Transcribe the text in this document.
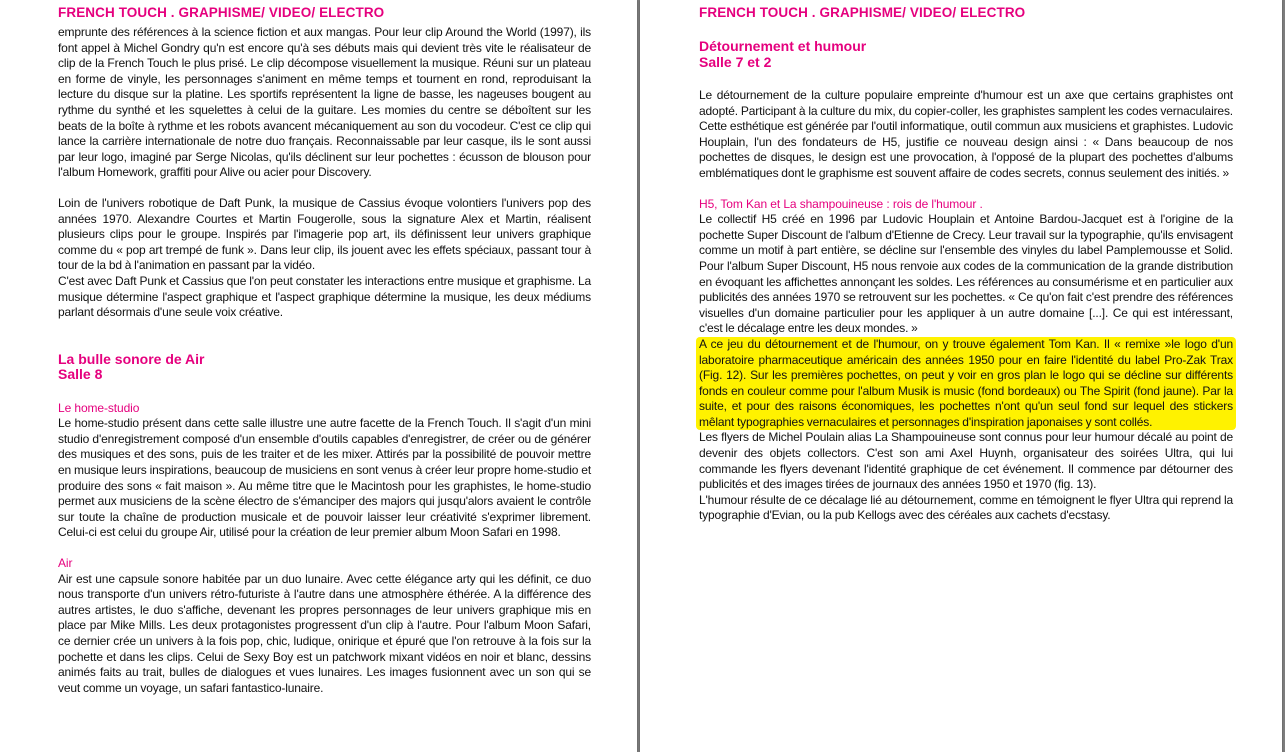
FRENCH TOUCH . GRAPHISME/ VIDEO/ ELECTRO
emprunte des références à la science fiction et aux mangas. Pour leur clip Around the World (1997), ils font appel à Michel Gondry qu'n est encore qu'à ses débuts mais qui devient très vite le réalisateur de clip de la French Touch le plus prisé. Le clip décompose visuellement la musique. Réuni sur un plateau en forme de vinyle, les personnages s'animent en même temps et tournent en rond, reproduisant la lecture du disque sur la platine. Les sportifs représentent la ligne de basse, les nageuses bougent au rythme du synthé et les squelettes à celui de la guitare. Les momies du centre se déboîtent sur les beats de la boîte à rythme et les robots avancent mécaniquement au son du vocodeur. C'est ce clip qui lance la carrière internationale de notre duo français. Reconnaissable par leur casque, ils le sont aussi par leur logo, imaginé par Serge Nicolas, qu'ils déclinent sur leur pochettes : écusson de blouson pour l'album Homework, graffiti pour Alive ou acier pour Discovery.
Loin de l'univers robotique de Daft Punk, la musique de Cassius évoque volontiers l'univers pop des années 1970. Alexandre Courtes et Martin Fougerolle, sous la signature Alex et Martin, réalisent plusieurs clips pour le groupe. Inspirés par l'imagerie pop art, ils définissent leur univers graphique comme du « pop art trempé de funk ». Dans leur clip, ils jouent avec les effets spéciaux, passant tour à tour de la bd à l'animation en passant par la vidéo.
C'est avec Daft Punk et Cassius que l'on peut constater les interactions entre musique et graphisme. La musique détermine l'aspect graphique et l'aspect graphique détermine la musique, les deux médiums parlant désormais d'une seule voix créative.
La bulle sonore de Air
Salle 8
Le home-studio
Le home-studio présent dans cette salle illustre une autre facette de la French Touch. Il s'agit d'un mini studio d'enregistrement composé d'un ensemble d'outils capables d'enregistrer, de créer ou de générer des musiques et des sons, puis de les traiter et de les mixer. Attirés par la possibilité de pouvoir mettre en musique leurs inspirations, beaucoup de musiciens en sont venus à créer leur propre home-studio et produire des sons « fait maison ». Au même titre que le Macintosh pour les graphistes, le home-studio permet aux musiciens de la scène électro de s'émanciper des majors qui jusqu'alors avaient le contrôle sur toute la chaîne de production musicale et de pouvoir laisser leur créativité s'exprimer librement. Celui-ci est celui du groupe Air, utilisé pour la création de leur premier album Moon Safari en 1998.
Air
Air est une capsule sonore habitée par un duo lunaire. Avec cette élégance arty qui les définit, ce duo nous transporte d'un univers rétro-futuriste à l'autre dans une atmosphère éthérée. A la différence des autres artistes, le duo s'affiche, devenant les propres personnages de leur univers graphique mis en place par Mike Mills. Les deux protagonistes progressent d'un clip à l'autre. Pour l'album Moon Safari, ce dernier crée un univers à la fois pop, chic, ludique, onirique et épuré que l'on retrouve à la fois sur la pochette et dans les clips. Celui de Sexy Boy est un patchwork mixant vidéos en noir et blanc, dessins animés faits au trait, bulles de dialogues et vues lunaires. Les images fusionnent avec un son qui se veut comme un voyage, un safari fantastico-lunaire.
FRENCH TOUCH . GRAPHISME/ VIDEO/ ELECTRO
Détournement et humour
Salle 7 et 2
Le détournement de la culture populaire empreinte d'humour est un axe que certains graphistes ont adopté. Participant à la culture du mix, du copier-coller, les graphistes samplent les codes vernaculaires. Cette esthétique est générée par l'outil informatique, outil commun aux musiciens et graphistes. Ludovic Houplain, l'un des fondateurs de H5, justifie ce nouveau design ainsi : « Dans beaucoup de nos pochettes de disques, le design est une provocation, à l'opposé de la plupart des pochettes d'albums emblématiques dont le graphisme est souvent affaire de codes secrets, connus seulement des initiés. »
H5, Tom Kan et La shampouineuse : rois de l'humour .
Le collectif H5 créé en 1996 par Ludovic Houplain et Antoine Bardou-Jacquet est à l'origine de la pochette Super Discount de l'album d'Etienne de Crecy. Leur travail sur la typographie, qu'ils envisagent comme un motif à part entière, se décline sur l'ensemble des vinyles du label Pamplemousse et Solid. Pour l'album Super Discount, H5 nous renvoie aux codes de la communication de la grande distribution en évoquant les affichettes annonçant les soldes. Les références au consumérisme et en particulier aux publicités des années 1970 se retrouvent sur les pochettes. « Ce qu'on fait c'est prendre des références visuelles d'un domaine particulier pour les appliquer à un autre domaine [...]. Ce qui est intéressant, c'est le décalage entre les deux mondes. »
A ce jeu du détournement et de l'humour, on y trouve également Tom Kan. Il « remixe »le logo d'un laboratoire pharmaceutique américain des années 1950 pour en faire l'identité du label Pro-Zak Trax (Fig. 12). Sur les premières pochettes, on peut y voir en gros plan le logo qui se décline sur différents fonds en couleur comme pour l'album Musik is music (fond bordeaux) ou The Spirit (fond jaune). Par la suite, et pour des raisons économiques, les pochettes n'ont qu'un seul fond sur lequel des stickers mêlant typographies vernaculaires et personnages d'inspiration japonaises y sont collés.
Les flyers de Michel Poulain alias La Shampouineuse sont connus pour leur humour décalé au point de devenir des objets collectors. C'est son ami Axel Huynh, organisateur des soirées Ultra, qui lui commande les flyers devenant l'identité graphique de cet événement. Il commence par détourner des publicités et des images tirées de journaux des années 1950 et 1970 (fig. 13).
L'humour résulte de ce décalage lié au détournement, comme en témoignent le flyer Ultra qui reprend la typographie d'Evian, ou la pub Kellogs avec des céréales aux cachets d'ecstasy.
